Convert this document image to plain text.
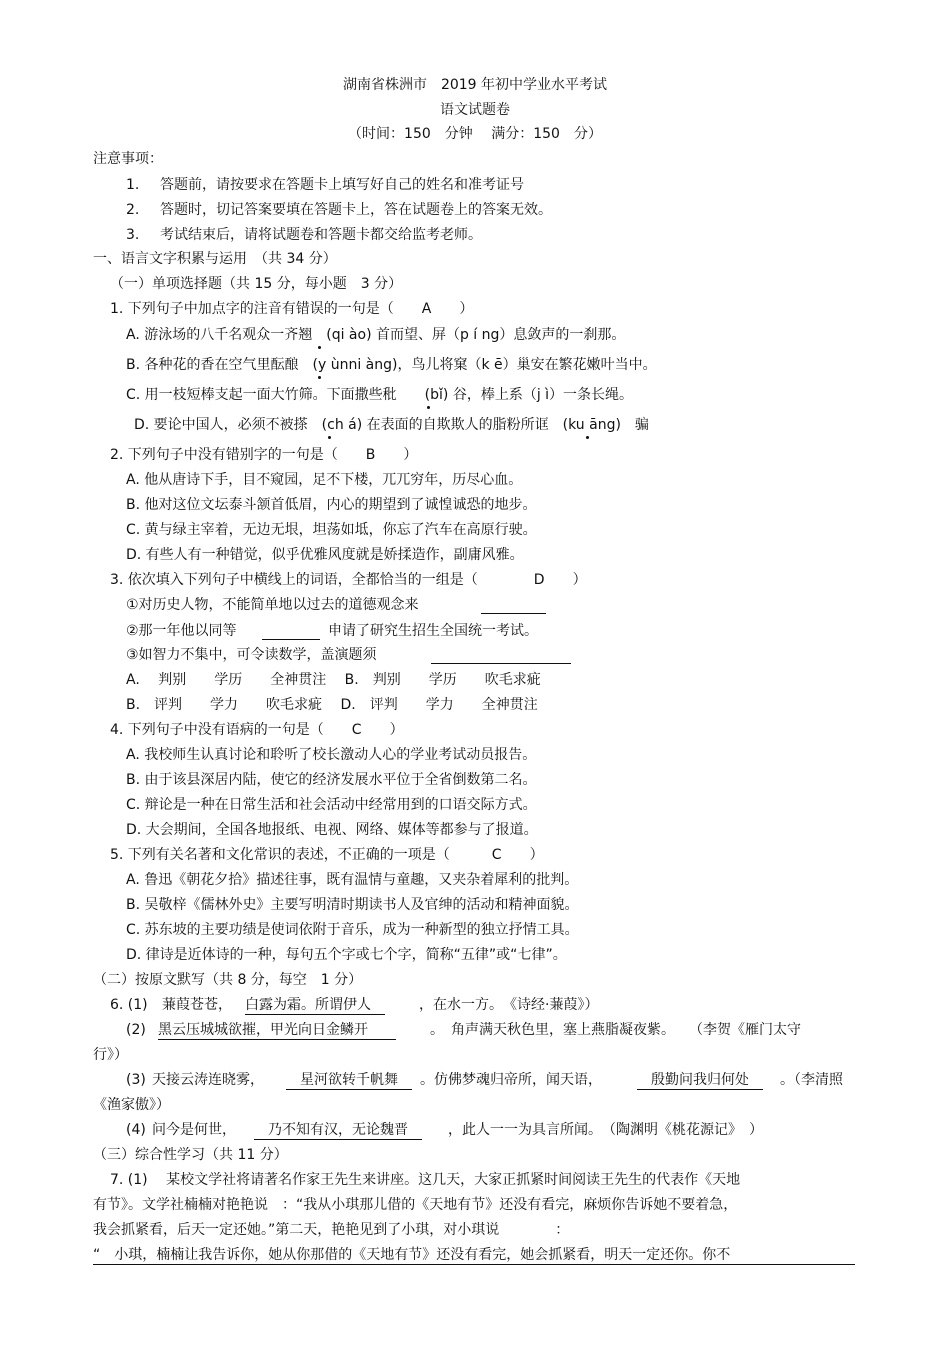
湖南省株洲市　2019 年初中学业水平考试
语文试题卷
（时间：150　分钟　 满分：150　分）
注意事项：
1. 答题前，请按要求在答题卡上填写好自己的姓名和准考证号
2. 答题时，切记答案要填在答题卡上，答在试题卷上的答案无效。
3. 考试结束后，请将试题卷和答题卡都交给监考老师。
一、语言文字积累与运用　（共 34 分）
（一）单项选择题（共 15 分，每小题　3 分）
1. 下列句子中加点字的注音有错误的一句是（　　A　　）
A. 游泳场的八千名观众一齐翘　(qi ào) 首而望、屏（p í ng）息敛声的一刹那。
B. 各种花的香在空气里酝酿　(y ùnni àng)，鸟儿将窠（k ē）巢安在繁花嫩叶当中。
C. 用一枝短棒支起一面大竹筛。下面撒些秕　　(bǐ) 谷，棒上系（j ì）一条长绳。
D. 要论中国人，必须不被搽　(ch á) 在表面的自欺欺人的脂粉所诓　(ku āng)　骗
2. 下列句子中没有错别字的一句是（　　B　　）
A. 他从唐诗下手，目不窥园，足不下楼，兀兀穷年，历尽心血。
B. 他对这位文坛泰斗颔首低眉，内心的期望到了诚惶诚恐的地步。
C. 黄与绿主宰着，无边无垠，坦荡如坻，你忘了汽车在高原行驶。
D. 有些人有一种错觉，似乎优雅风度就是娇揉造作，副庸风雅。
3. 依次填入下列句子中横线上的词语，全都恰当的一组是（　　　　D　　）
①对历史人物，不能简单地以过去的道德观念来
②那一年他以同等	申请了研究生招生全国统一考试。
③如智力不集中，可令读数学，盖演题须
A.　 判别　　学历　　全神贯注　 B.　判别　　学历　　吹毛求疵
B.　评判　　学力　　吹毛求疵　 D.　评判　　学力　　全神贯注
4. 下列句子中没有语病的一句是（　　C　　）
A. 我校师生认真讨论和聆听了校长激动人心的学业考试动员报告。
B. 由于该县深居内陆，使它的经济发展水平位于全省倒数第二名。
C. 辩论是一种在日常生活和社会活动中经常用到的口语交际方式。
D. 大会期间，全国各地报纸、电视、网络、媒体等都参与了报道。
5. 下列有关名著和文化常识的表述，不正确的一项是（　　　C　　）
A. 鲁迅《朝花夕拾》描述往事，既有温情与童趣，又夹杂着犀利的批判。
B. 吴敬梓《儒林外史》主要写明清时期读书人及官绅的活动和精神面貌。
C. 苏东坡的主要功绩是使词依附于音乐，成为一种新型的独立抒情工具。
D. 律诗是近体诗的一种，每句五个字或七个字，简称“五律”或“七律”。
（二）按原文默写（共 8 分，每空　1 分）
6. (1) 蒹葭苍苍， 白露为霜。所谓伊人　	，在水一方。　《诗经·蒹葭》）
(2) 黑云压城城欲摧，甲光向日金鳞开　　	。　角声满天秋色里，塞上燕脂凝夜紫。　　（李贺《雁门太守
行》）
(3) 天接云涛连晓雾，
　	星河欲转千帆舞　	。仿佛梦魂归帝所，闻天语，
　	殷勤问我归何处　	。（李清照
《渔家傲》）
(4) 问今是何世，
　	乃不知有汉，无论魏晋　	，此人一一为具言所闻。　（陶渊明《桃花源记》　）
（三）综合性学习（共 11 分）
7. (1)　 某校文学社将请著名作家王先生来讲座。这几天，大家正抓紧时间阅读王先生的代表作《天地
有节》。文学社楠楠对艳艳说　：“我从小琪那儿借的《天地有节》还没有看完，麻烦你告诉她不要着急，
我会抓紧看，后天一定还她。”第二天，艳艳见到了小琪，对小琪说　　　　：
“　小琪，楠楠让我告诉你，她从你那借的《天地有节》还没有看完，她会抓紧看，明天一定还你。你不
